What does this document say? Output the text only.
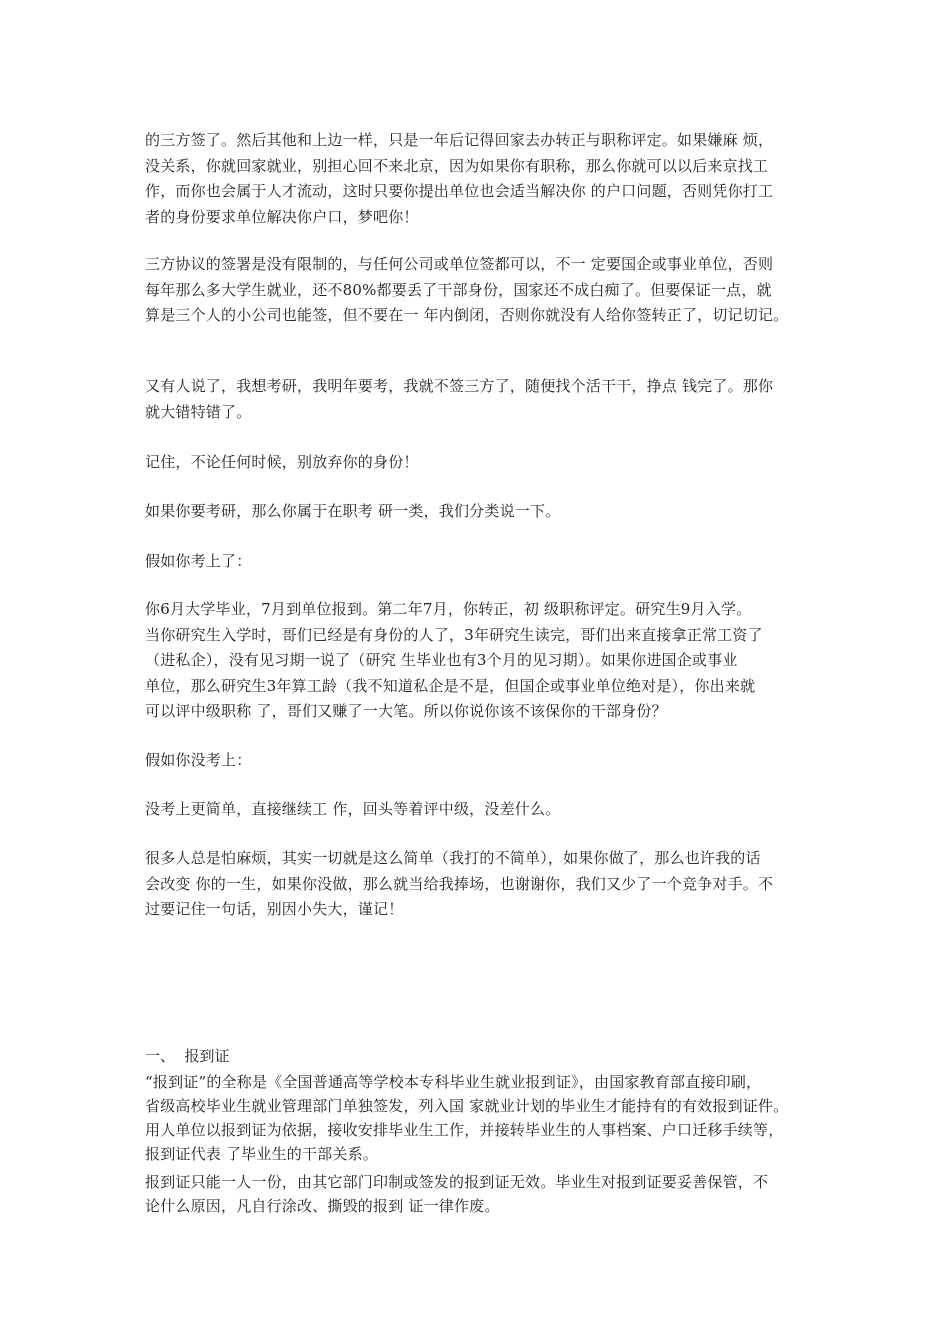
的三方签了。然后其他和上边一样，只是一年后记得回家去办转正与职称评定。如果嫌麻 烦，
没关系，你就回家就业，别担心回不来北京，因为如果你有职称，那么你就可以以后来京找工
作，而你也会属于人才流动，这时只要你提出单位也会适当解决你 的户口问题，否则凭你打工
者的身份要求单位解决你户口，梦吧你！
三方协议的签署是没有限制的，与任何公司或单位签都可以，不一 定要国企或事业单位，否则
每年那么多大学生就业，还不80%都要丢了干部身份，国家还不成白痴了。但要保证一点，就
算是三个人的小公司也能签，但不要在一 年内倒闭，否则你就没有人给你签转正了，切记切记。
又有人说了，我想考研，我明年要考，我就不签三方了，随便找个活干干，挣点 钱完了。那你
就大错特错了。
记住，不论任何时候，别放弃你的身份！
如果你要考研，那么你属于在职考 研一类，我们分类说一下。
假如你考上了：
你6月大学毕业，7月到单位报到。第二年7月，你转正，初 级职称评定。研究生9月入学。
当你研究生入学时，哥们已经是有身份的人了，3年研究生读完，哥们出来直接拿正常工资了
（进私企），没有见习期一说了（研究 生毕业也有3个月的见习期）。如果你进国企或事业
单位，那么研究生3年算工龄（我不知道私企是不是，但国企或事业单位绝对是），你出来就
可以评中级职称 了，哥们又赚了一大笔。所以你说你该不该保你的干部身份？
假如你没考上：
没考上更简单，直接继续工 作，回头等着评中级，没差什么。
很多人总是怕麻烦，其实一切就是这么简单（我打的不简单），如果你做了，那么也许我的话
会改变 你的一生，如果你没做，那么就当给我捧场，也谢谢你，我们又少了一个竞争对手。不
过要记住一句话，别因小失大，谨记！
一、  报到证
“报到证”的全称是《全国普通高等学校本专科毕业生就业报到证》，由国家教育部直接印刷，
省级高校毕业生就业管理部门单独签发，列入国 家就业计划的毕业生才能持有的有效报到证件。
用人单位以报到证为依据，接收安排毕业生工作，并接转毕业生的人事档案、户口迁移手续等，
报到证代表 了毕业生的干部关系。
报到证只能一人一份，由其它部门印制或签发的报到证无效。毕业生对报到证要妥善保管，不
论什么原因，凡自行涂改、撕毁的报到 证一律作废。
